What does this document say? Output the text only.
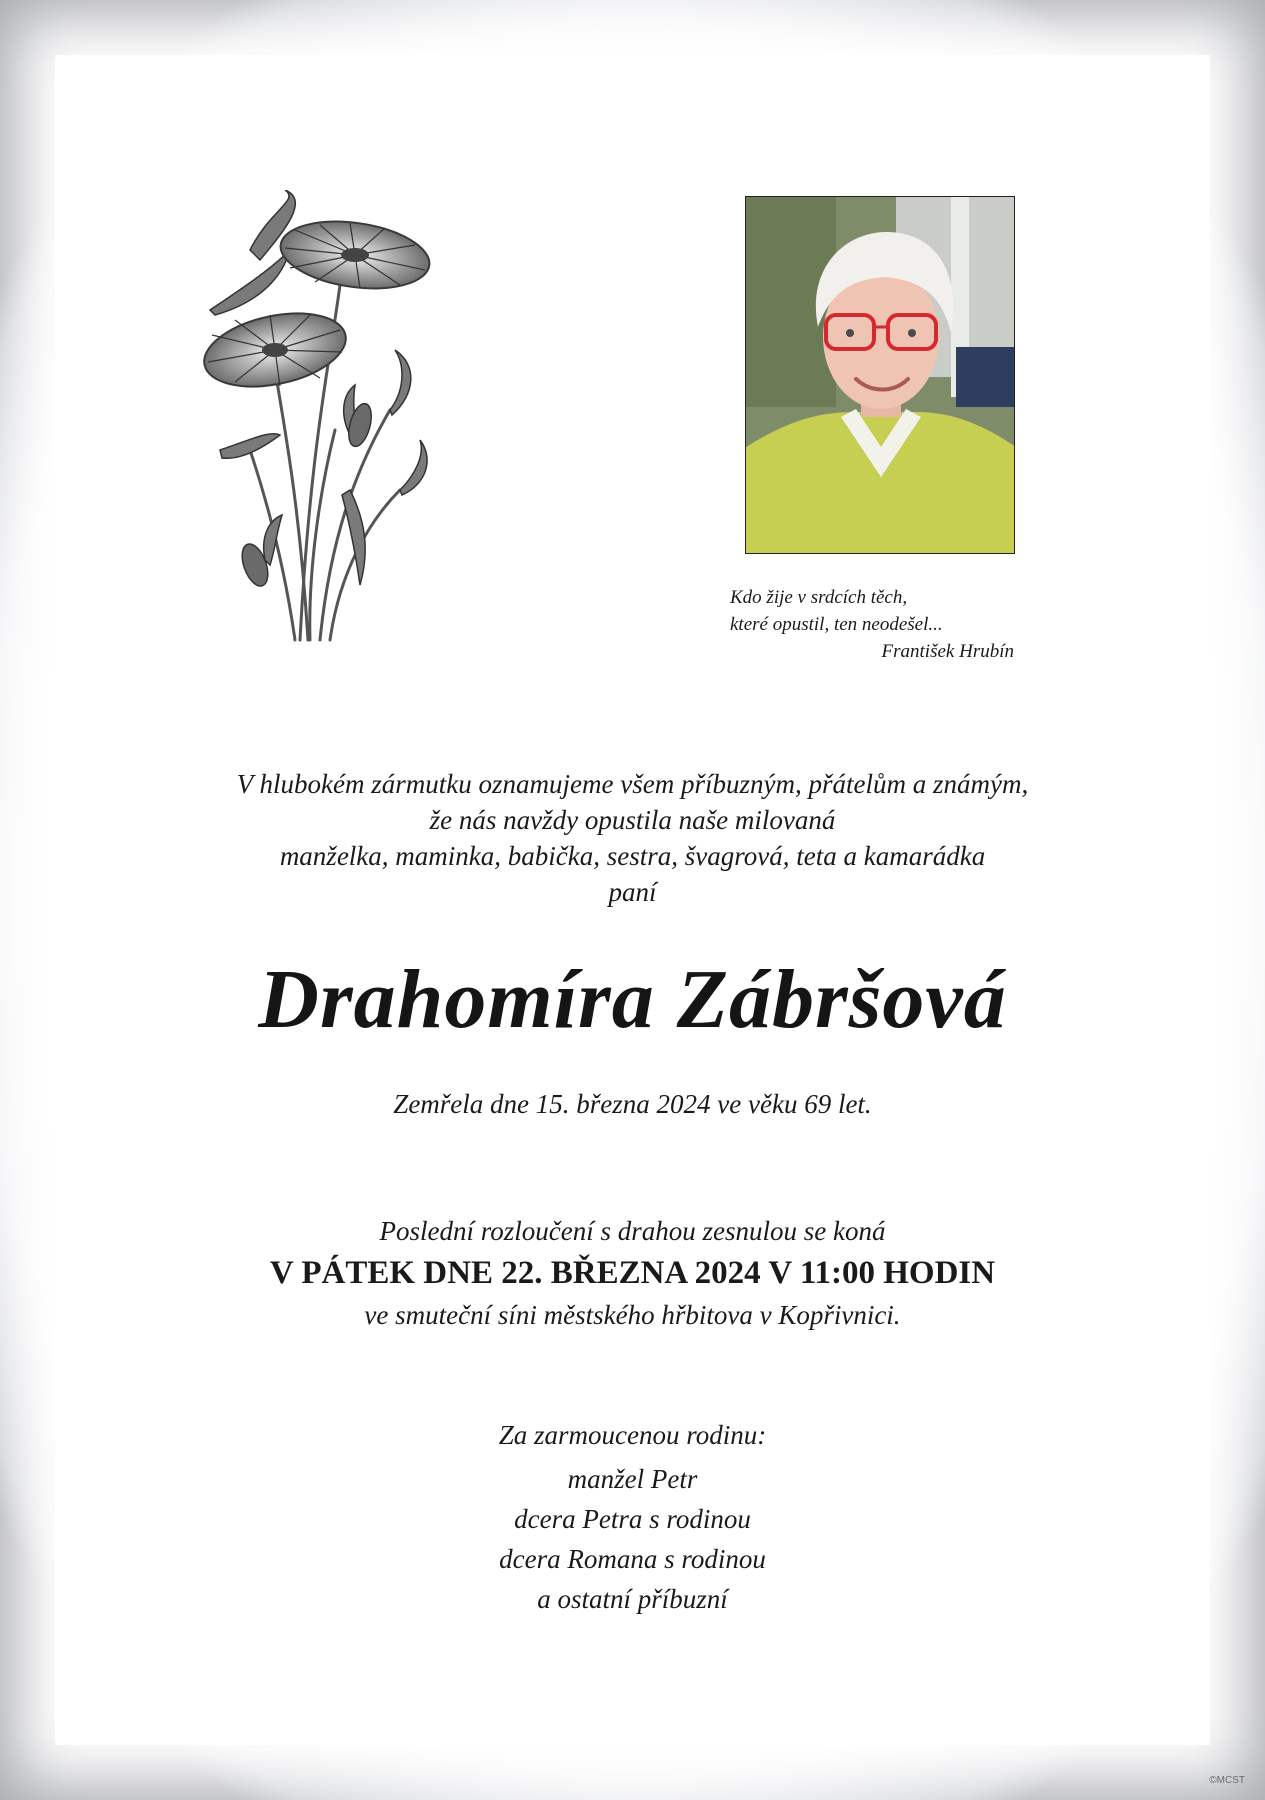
Kdo žije v srdcích těch,
které opustil, ten neodešel...
František Hrubín
V hlubokém zármutku oznamujeme všem příbuzným, přátelům a známým,
že nás navždy opustila naše milovaná
manželka, maminka, babička, sestra, švagrová, teta a kamarádka
paní
Drahomíra Zábršová
Zemřela dne 15. března 2024 ve věku 69 let.
Poslední rozloučení s drahou zesnulou se koná
V PÁTEK DNE 22. BŘEZNA 2024 V 11:00 HODIN
ve smuteční síni městského hřbitova v Kopřivnici.
Za zarmoucenou rodinu:
manžel Petr
dcera Petra s rodinou
dcera Romana s rodinou
a ostatní příbuzní
©MCST
